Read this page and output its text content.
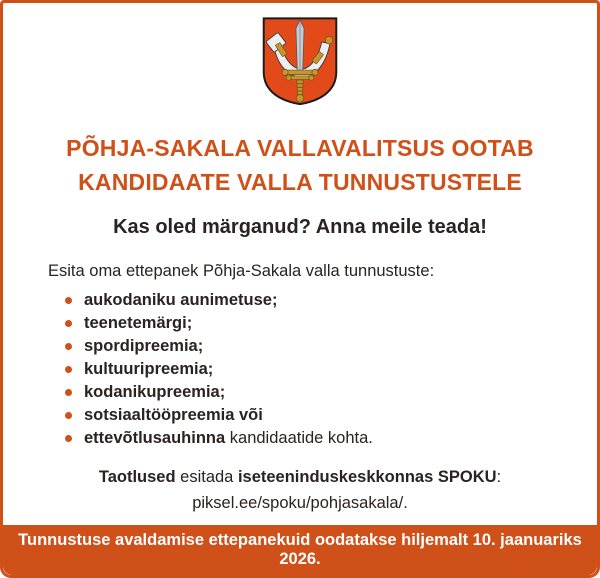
PÕHJA-SAKALA VALLAVALITSUS OOTAB
KANDIDAATE VALLA TUNNUSTUSTELE
Kas oled märganud? Anna meile teada!

Esita oma ettepanek Põhja-Sakala valla tunnustuste:

aukodaniku aunimetuse;
teenetemärgi;
spordipreemia;
kultuuripreemia;
kodanikupreemia;
sotsiaaltööpreemia või
ettevõtlusauhinna kandidaatide kohta.

Taotlused esitada iseteeninduskeskkonnas SPOKU:

piksel.ee/spoku/pohjasakala/.

Tunnustuse avaldamise ettepanekuid oodatakse hiljemalt 10. jaanuariks 2026.
